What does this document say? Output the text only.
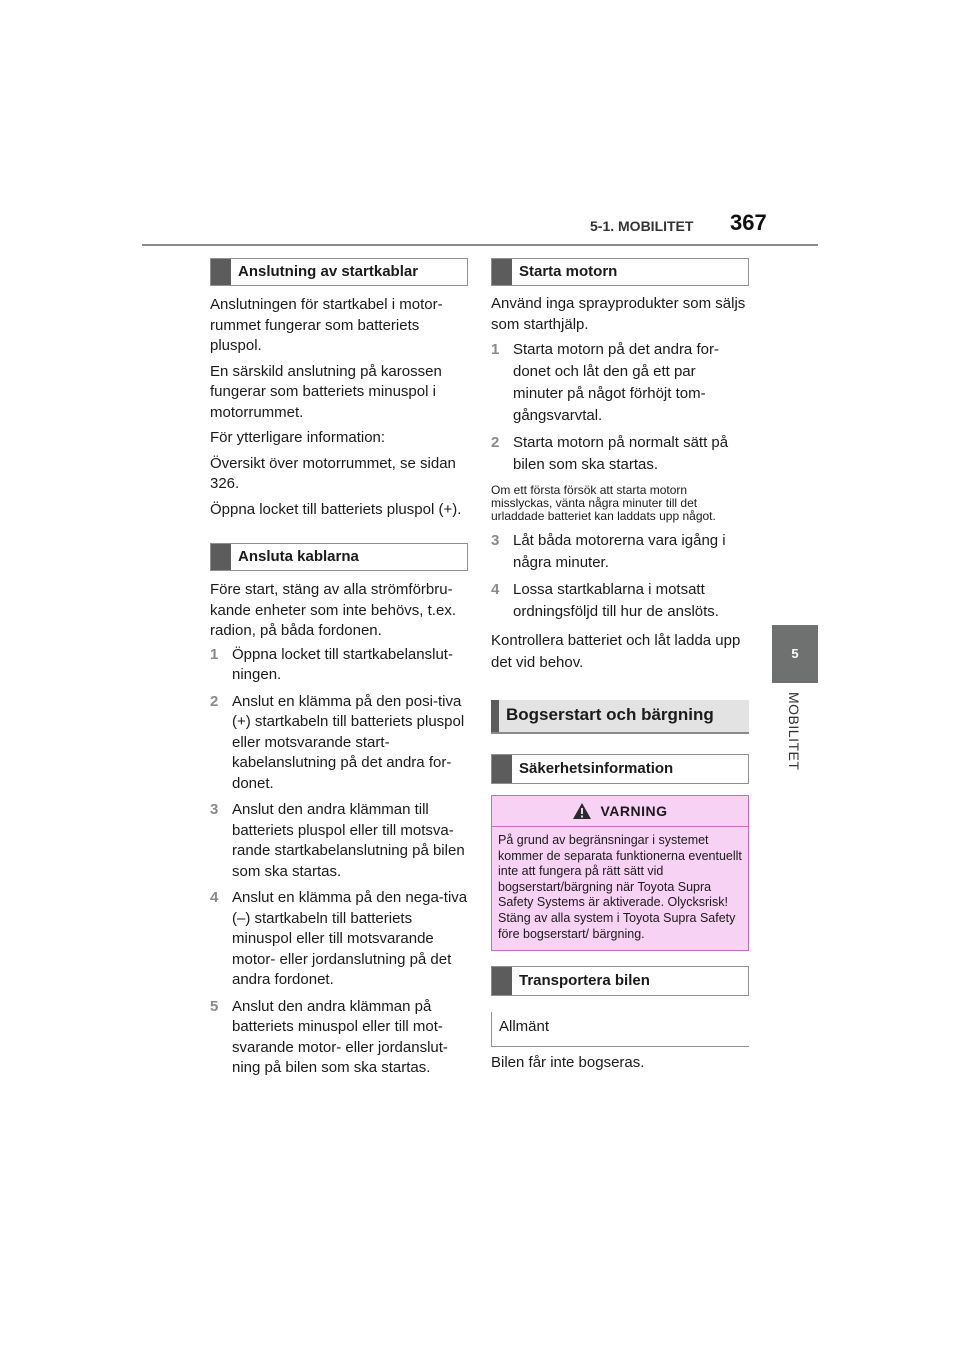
5-1. MOBILITET 367
5
MOBILITET
Anslutning av startkablar

Anslutningen för startkabel i motor-rummet fungerar som batteriets pluspol.

En särskild anslutning på karossen fungerar som batteriets minuspol i motorrummet.

För ytterligare information:

Översikt över motorrummet, se sidan 326.

Öppna locket till batteriets pluspol (+).

Ansluta kablarna

Före start, stäng av alla strömförbru-kande enheter som inte behövs, t.ex. radion, på båda fordonen.

1 Öppna locket till startkabelanslut-ningen.
2 Anslut en klämma på den posi-tiva (+) startkabeln till batteriets pluspol eller motsvarande start-kabelanslutning på det andra for-donet.
3 Anslut den andra klämman till batteriets pluspol eller till motsva-rande startkabelanslutning på bilen som ska startas.
4 Anslut en klämma på den nega-tiva (–) startkabeln till batteriets minuspol eller till motsvarande motor- eller jordanslutning på det andra fordonet.
5 Anslut den andra klämman på batteriets minuspol eller till mot-svarande motor- eller jordanslut-ning på bilen som ska startas.
Starta motorn

Använd inga sprayprodukter som säljs som starthjälp.

1 Starta motorn på det andra for-donet och låt den gå ett par minuter på något förhöjt tom-gångsvarvtal.
2 Starta motorn på normalt sätt på bilen som ska startas.

Om ett första försök att starta motorn misslyckas, vänta några minuter till det urladdade batteriet kan laddats upp något.

3 Låt båda motorerna vara igång i några minuter.
4 Lossa startkablarna i motsatt ordningsföljd till hur de anslöts.

Kontrollera batteriet och låt ladda upp det vid behov.

Bogserstart och bärgning
Säkerhetsinformation
VARNING
På grund av begränsningar i systemet kommer de separata funktionerna eventuellt inte att fungera på rätt sätt vid bogserstart/bärgning när Toyota Supra Safety Systems är aktiverade. Olycksrisk! Stäng av alla system i Toyota Supra Safety före bogserstart/ bärgning.
Transportera bilen
Allmänt

Bilen får inte bogseras.
